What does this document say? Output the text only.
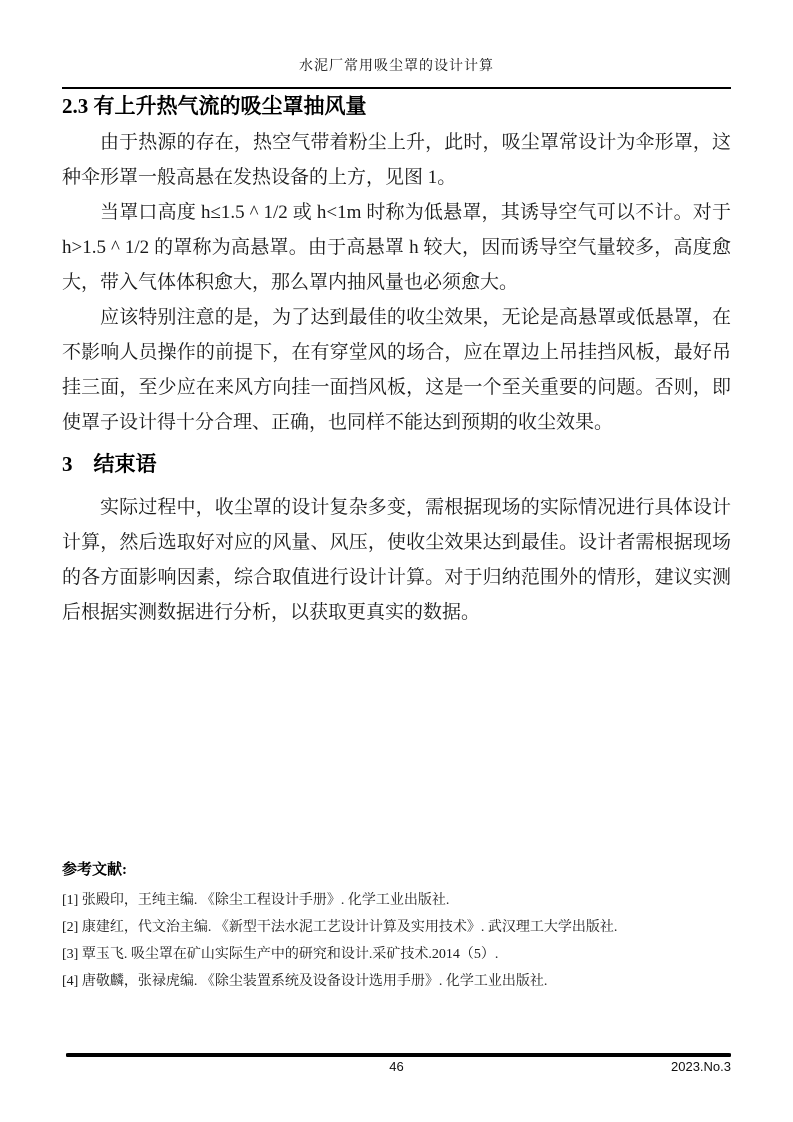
水泥厂常用吸尘罩的设计计算
2.3 有上升热气流的吸尘罩抽风量

由于热源的存在，热空气带着粉尘上升，此时，吸尘罩常设计为伞形罩，这种伞形罩一般高悬在发热设备的上方，见图 1。

当罩口高度 h≤1.5 ^ 1/2 或 h<1m 时称为低悬罩，其诱导空气可以不计。对于 h>1.5 ^ 1/2 的罩称为高悬罩。由于高悬罩 h 较大，因而诱导空气量较多，高度愈大，带入气体体积愈大，那么罩内抽风量也必须愈大。

应该特别注意的是，为了达到最佳的收尘效果，无论是高悬罩或低悬罩，在不影响人员操作的前提下，在有穿堂风的场合，应在罩边上吊挂挡风板，最好吊挂三面，至少应在来风方向挂一面挡风板，这是一个至关重要的问题。否则，即使罩子设计得十分合理、正确，也同样不能达到预期的收尘效果。

3　结束语

实际过程中，收尘罩的设计复杂多变，需根据现场的实际情况进行具体设计计算，然后选取好对应的风量、风压，使收尘效果达到最佳。设计者需根据现场的各方面影响因素，综合取值进行设计计算。对于归纳范围外的情形，建议实测后根据实测数据进行分析，以获取更真实的数据。

参考文献:
[1] 张殿印，王纯主编. 《除尘工程设计手册》. 化学工业出版社.
[2] 康建红，代文治主编. 《新型干法水泥工艺设计计算及实用技术》. 武汉理工大学出版社.
[3] 覃玉飞. 吸尘罩在矿山实际生产中的研究和设计.采矿技术.2014（5）.
[4] 唐敬麟，张禄虎编. 《除尘装置系统及设备设计选用手册》. 化学工业出版社.
46	2023.No.3
